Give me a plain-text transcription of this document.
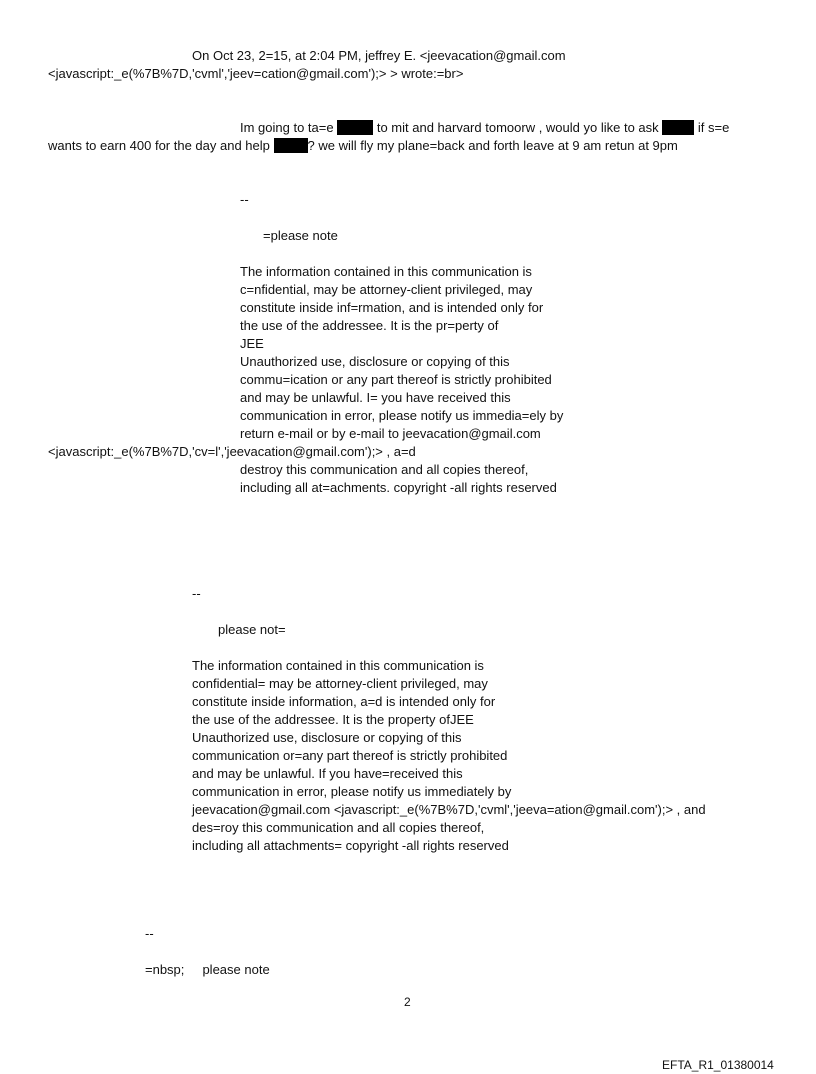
On Oct 23, 2=15, at 2:04 PM, jeffrey E. <jeevacation@gmail.com
<javascript:_e(%7B%7D,'cvml','jeev=cation@gmail.com');> > wrote:=br>
Im going to ta=e	to mit and harvard tomoorw , would yo like to ask	if s=e
wants to earn 400 for the day and help	? we will fly my plane=back and forth leave at 9 am retun at 9pm
--
=please note
The information contained in this communication is
c=nfidential, may be attorney-client privileged, may
constitute inside inf=rmation, and is intended only for
the use of the addressee. It is the pr=perty of
JEE
Unauthorized use, disclosure or copying of this
commu=ication or any part thereof is strictly prohibited
and may be unlawful. I= you have received this
communication in error, please notify us immedia=ely by
return e-mail or by e-mail to jeevacation@gmail.com
<javascript:_e(%7B%7D,'cv=l','jeevacation@gmail.com');> , a=d
destroy this communication and all copies thereof,
including all at=achments. copyright -all rights reserved
--
please not=
The information contained in this communication is
confidential= may be attorney-client privileged, may
constitute inside information, a=d is intended only for
the use of the addressee. It is the property ofJEE
Unauthorized use, disclosure or copying of this
communication or=any part thereof is strictly prohibited
and may be unlawful. If you have=received this
communication in error, please notify us immediately by
jeevacation@gmail.com <javascript:_e(%7B%7D,'cvml','jeeva=ation@gmail.com');> , and
des=roy this communication and all copies thereof,
including all attachments= copyright -all rights reserved
--
=nbsp;     please note
2
EFTA_R1_01380014
